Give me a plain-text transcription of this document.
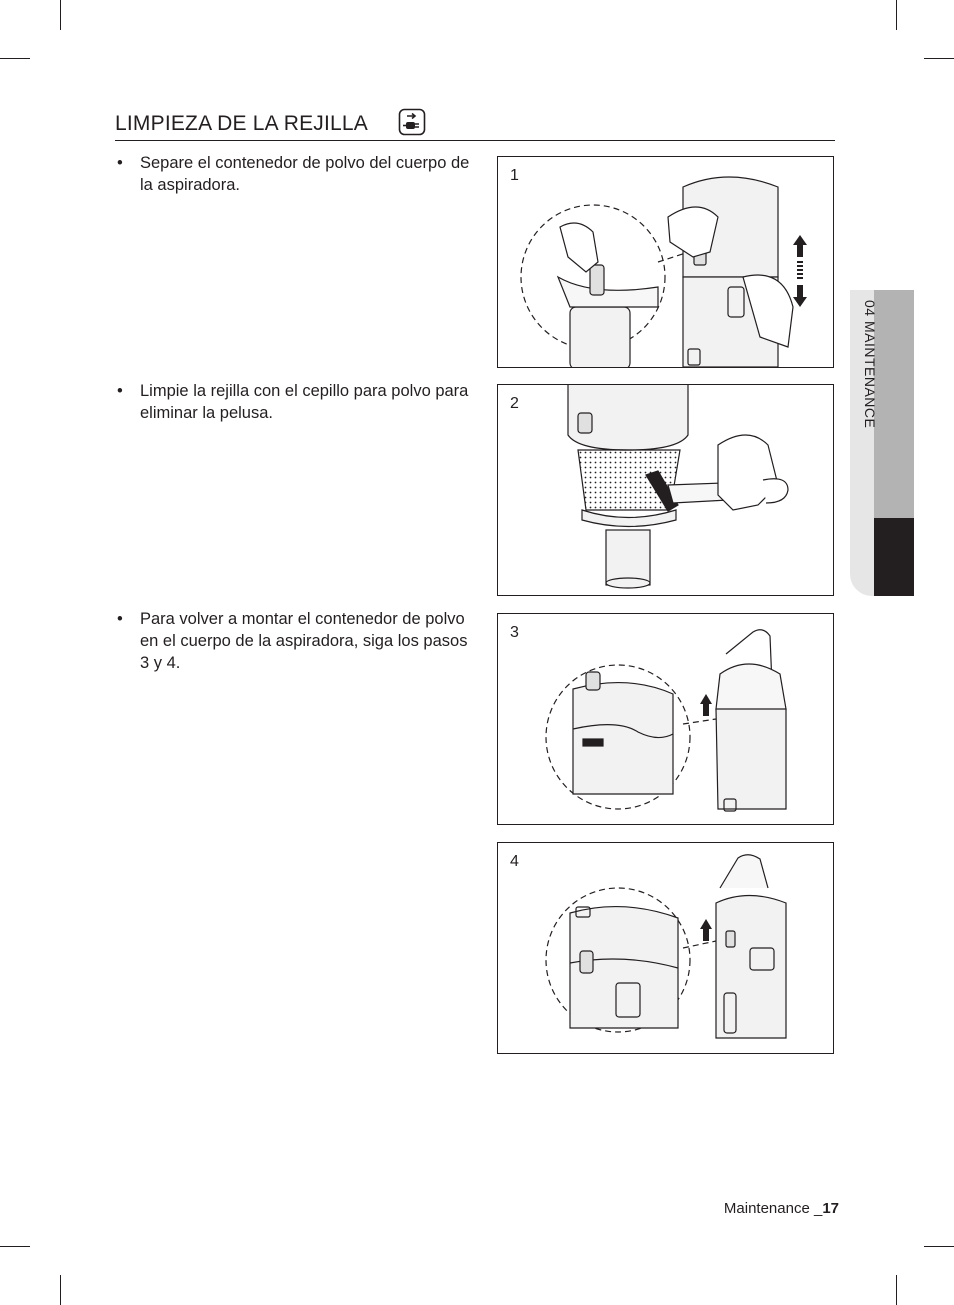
LIMPIEZA DE LA REJILLA
• Separe el contenedor de polvo del cuerpo de la aspiradora.
• Limpie la rejilla con el cepillo para polvo para eliminar la pelusa.
• Para volver a montar el contenedor de polvo en el cuerpo de la aspiradora, siga los pasos 3 y 4.
1
2
3
4
04 MAINTENANCE
Maintenance _17
